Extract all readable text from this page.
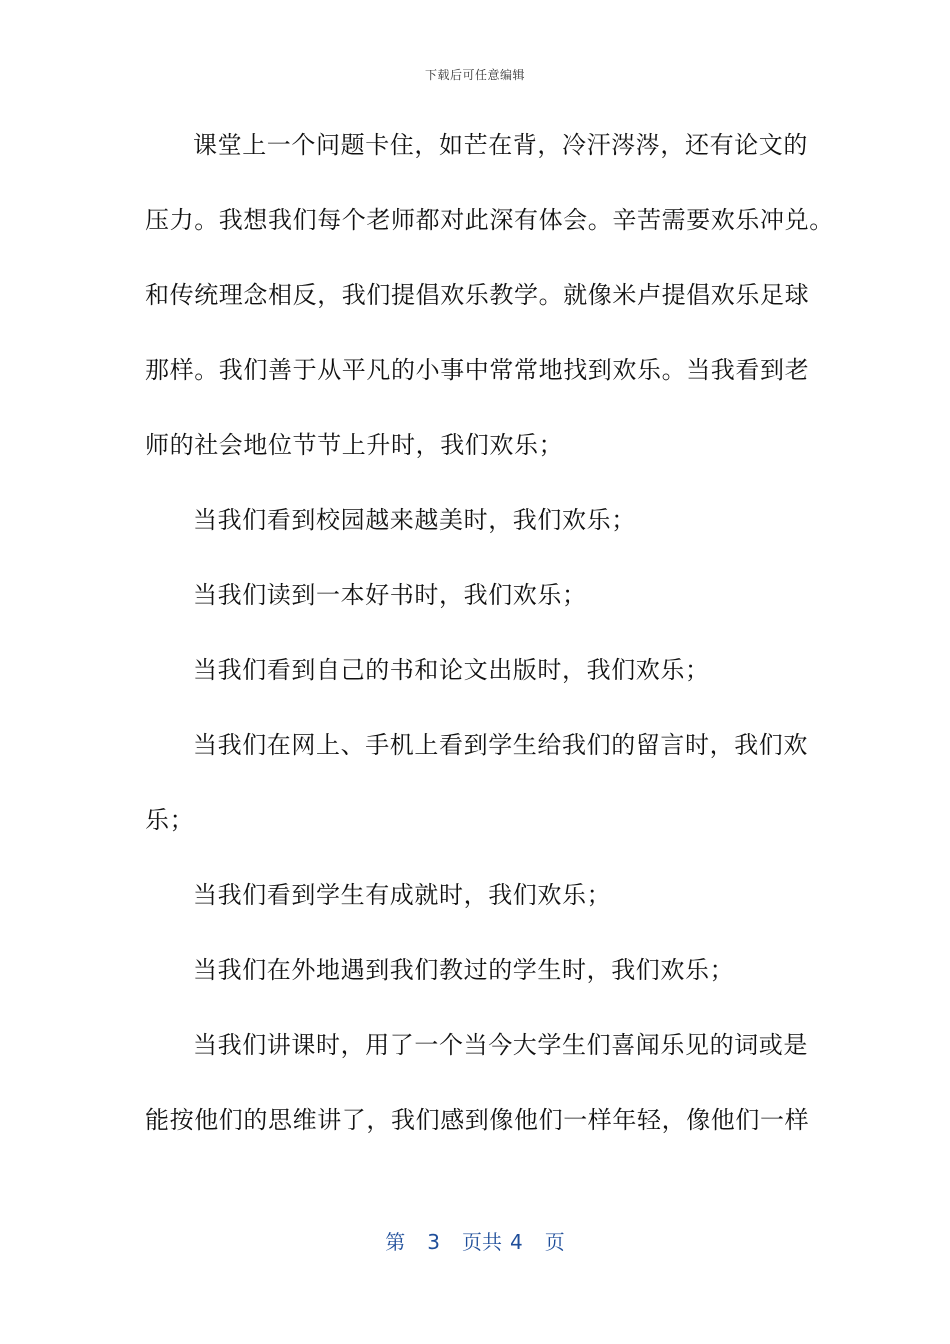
下载后可任意编辑
课堂上一个问题卡住，如芒在背，冷汗涔涔，还有论文的
压力。我想我们每个老师都对此深有体会。辛苦需要欢乐冲兑。
和传统理念相反，我们提倡欢乐教学。就像米卢提倡欢乐足球
那样。我们善于从平凡的小事中常常地找到欢乐。当我看到老
师的社会地位节节上升时，我们欢乐；
当我们看到校园越来越美时，我们欢乐；
当我们读到一本好书时，我们欢乐；
当我们看到自己的书和论文出版时，我们欢乐；
当我们在网上、手机上看到学生给我们的留言时，我们欢
乐；
当我们看到学生有成就时，我们欢乐；
当我们在外地遇到我们教过的学生时，我们欢乐；
当我们讲课时，用了一个当今大学生们喜闻乐见的词或是
能按他们的思维讲了，我们感到像他们一样年轻，像他们一样
第 3 页共 4 页
